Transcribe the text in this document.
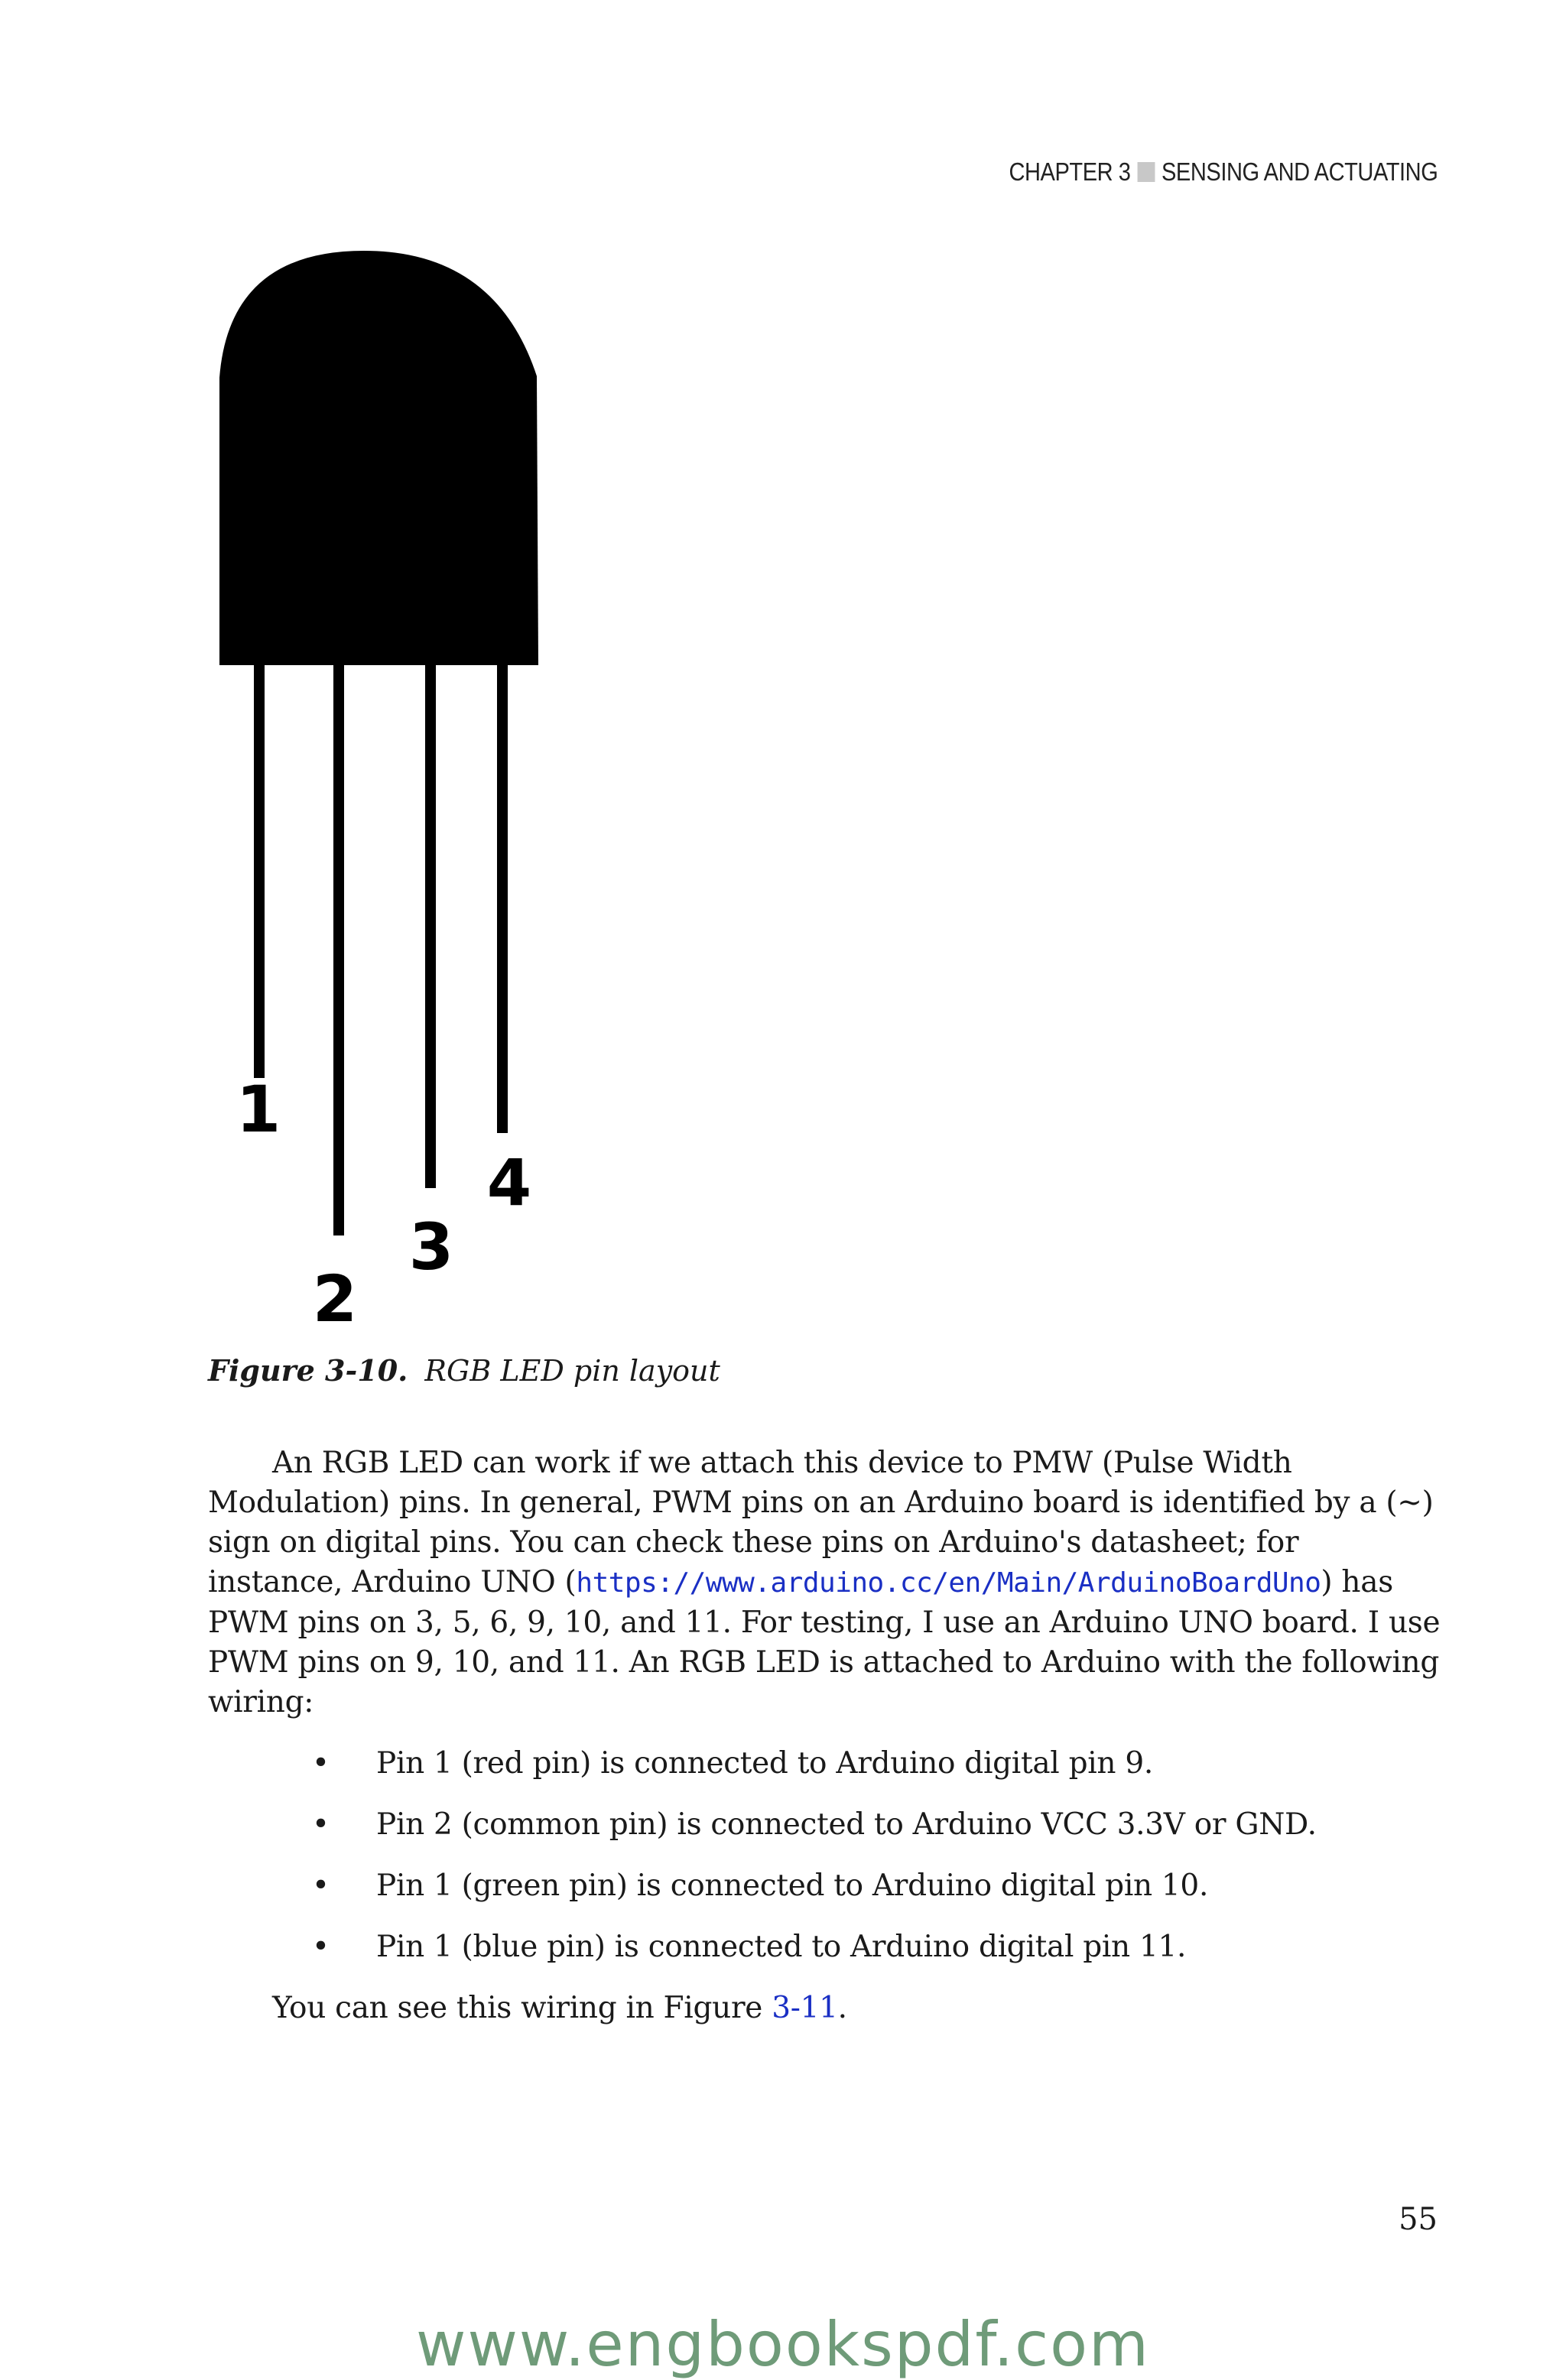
CHAPTER 3 SENSING AND ACTUATING
1
2
3
4
Figure 3-10. RGB LED pin layout

An RGB LED can work if we attach this device to PMW (Pulse Width Modulation) pins. In general, PWM pins on an Arduino board is identified by a (~) sign on digital pins. You can check these pins on Arduino's datasheet; for instance, Arduino UNO (https://www.arduino.cc/en/Main/ArduinoBoardUno) has PWM pins on 3, 5, 6, 9, 10, and 11. For testing, I use an Arduino UNO board. I use PWM pins on 9, 10, and 11. An RGB LED is attached to Arduino with the following wiring:

• Pin 1 (red pin) is connected to Arduino digital pin 9.
• Pin 2 (common pin) is connected to Arduino VCC 3.3V or GND.
• Pin 1 (green pin) is connected to Arduino digital pin 10.
• Pin 1 (blue pin) is connected to Arduino digital pin 11.

You can see this wiring in Figure 3-11.

55
www.engbookspdf.com
